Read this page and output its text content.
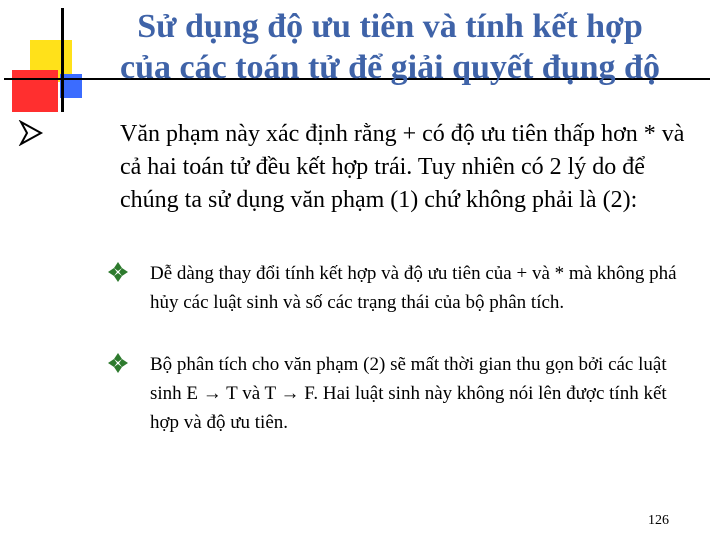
Sử dụng độ ưu tiên và tính kết hợp
của các toán tử để giải quyết đụng độ
Văn phạm này xác định rằng + có độ ưu tiên thấp hơn * và cả hai toán tử đều kết hợp trái. Tuy nhiên có 2 lý do để chúng ta sử dụng văn phạm (1) chứ không phải là (2):
Dễ dàng thay đổi tính kết hợp và độ ưu tiên của + và * mà không phá hủy các luật sinh và số các trạng thái của bộ phân tích.
Bộ phân tích cho văn phạm (2) sẽ mất thời gian thu gọn bởi các luật sinh E → T và T → F. Hai luật sinh này không nói lên được tính kết hợp và độ ưu tiên.
126
